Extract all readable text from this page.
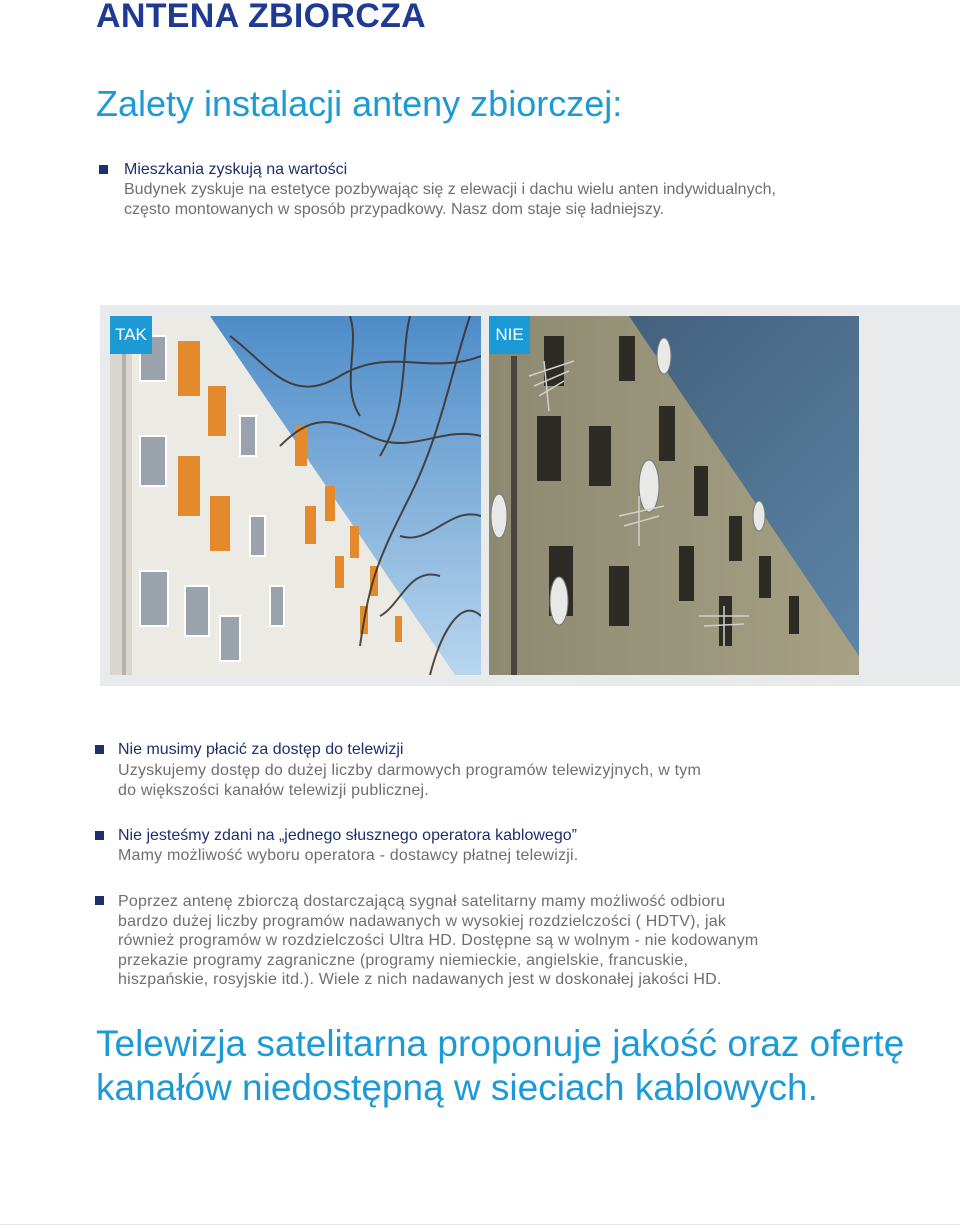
ANTENA ZBIORCZA
Zalety instalacji anteny zbiorczej:
Mieszkania zyskują na wartości
Budynek zyskuje na estetyce pozbywając się z elewacji i dachu wielu anten indywidualnych, często montowanych w sposób przypadkowy. Nasz dom staje się ładniejszy.
TAK	NIE
Nie musimy płacić za dostęp do telewizji
Uzyskujemy dostęp do dużej liczby darmowych programów telewizyjnych, w tym do większości kanałów telewizji publicznej.
Nie jesteśmy zdani na „jednego słusznego operatora kablowego”
Mamy możliwość wyboru operatora - dostawcy płatnej telewizji.
Poprzez antenę zbiorczą dostarczającą sygnał satelitarny mamy możliwość odbioru bardzo dużej liczby programów nadawanych w wysokiej rozdzielczości ( HDTV), jak również programów w rozdzielczości Ultra HD. Dostępne są w wolnym - nie kodowanym przekazie programy zagraniczne (programy niemieckie, angielskie, francuskie, hiszpańskie, rosyjskie itd.). Wiele z nich nadawanych jest w doskonałej jakości HD.
Telewizja satelitarna proponuje jakość oraz ofertę
kanałów niedostępną w sieciach kablowych.
